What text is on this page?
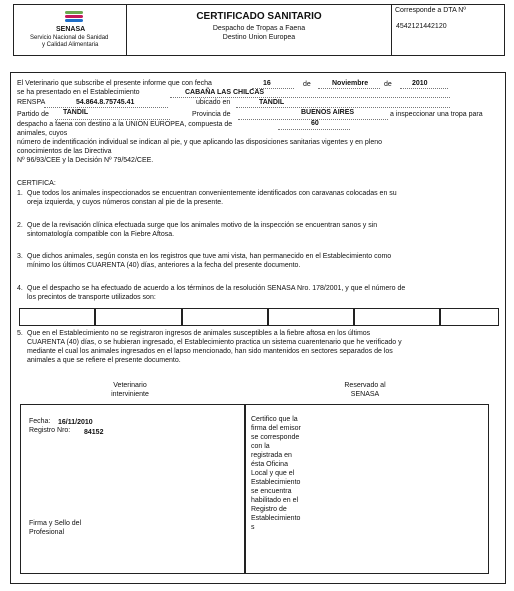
SENASA
Servicio Nacional de Sanidad
y Calidad Alimentaria
CERTIFICADO SANITARIO
Despacho de Tropas a Faena
Destino Union Europea
Corresponde a DTA Nº
4542121442120
El Veterinario que subscribe el presente informe que con fecha	16	de	Noviembre de	2010
se ha presentado en el Establecimiento	CABAÑA LAS CHILCAS
RENSPA	54.864.8.75745.41	ubicado en	TANDIL
Partido de TANDIL	Provincia de	BUENOS AIRES	a inspeccionar una tropa para
despacho a faena con destino a la UNION EUROPEA, compuesta de	60
animales, cuyos
número de indentificación individual se indican al pie, y que aplicando las disposiciones sanitarias vigentes y en pleno
conocimientos de las Directiva
Nº 96/93/CEE y la Decisión Nº 79/542/CEE.
CERTIFICA:
1. Que todos los animales inspeccionados se encuentran convenientemente identificados con caravanas colocadas en su
oreja izquierda, y cuyos números constan al pie de la presente.
2. Que de la revisación clínica efectuada surge que los animales motivo de la inspección se encuentran sanos y sin
sintomatología compatible con la Fiebre Aftosa.
3. Que dichos animales, según consta en los registros que tuve ami vista, han permanecido en el Establecimiento como
mínimo los últimos CUARENTA (40) días, anteriores a la fecha del presente documento.
4. Que el despacho se ha efectuado de acuerdo a los términos de la resolución SENASA Nro. 178/2001, y que el número de
los precintos de transporte utilizados son:
5. Que en el Establecimiento no se registraron ingresos de animales susceptibles a la fiebre aftosa en los últimos
CUARENTA (40) días, o se hubieran ingresado, el Establecimiento practica un sistema cuarentenario que he verificado y
mediante el cual los animales ingresados en el lapso mencionado, han sido mantenidos en sectores separados de los
animales a que se refiere el presente documento.
Veterinario
interviniente
Reservado al
SENASA
Fecha: 16/11/2010
Registro Nro: 84152
Firma y Sello del
Profesional
Certifico que la
firma del emisor
se corresponde
con la
registrada en
ésta Oficina
Local y que el
Establecimiento
se encuentra
habilitado en el
Registro de
Establecimiento
s
